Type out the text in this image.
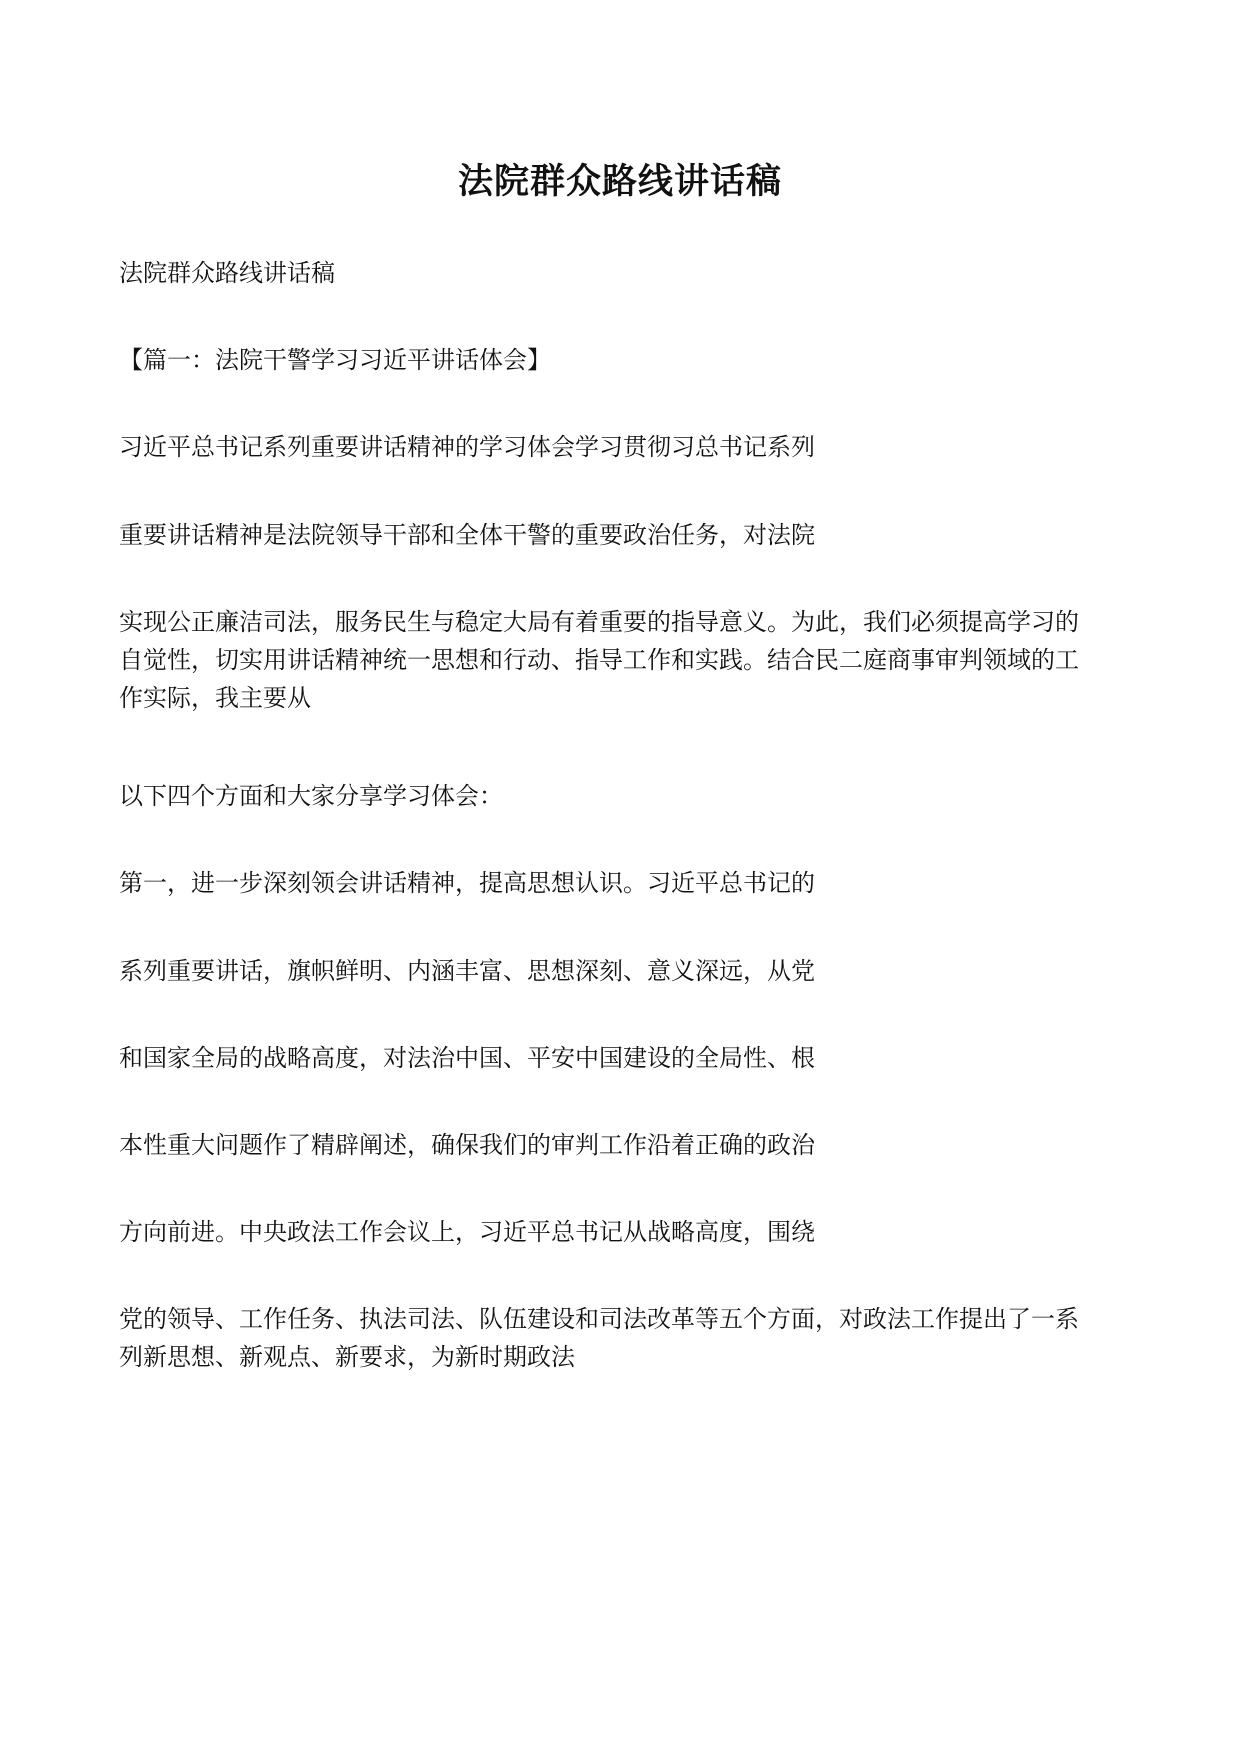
法院群众路线讲话稿
法院群众路线讲话稿
【篇一：法院干警学习习近平讲话体会】
习近平总书记系列重要讲话精神的学习体会学习贯彻习总书记系列
重要讲话精神是法院领导干部和全体干警的重要政治任务，对法院
实现公正廉洁司法，服务民生与稳定大局有着重要的指导意义。为此，我们必须提高学习的
自觉性，切实用讲话精神统一思想和行动、指导工作和实践。结合民二庭商事审判领域的工
作实际，我主要从
以下四个方面和大家分享学习体会：
第一，进一步深刻领会讲话精神，提高思想认识。习近平总书记的
系列重要讲话，旗帜鲜明、内涵丰富、思想深刻、意义深远，从党
和国家全局的战略高度，对法治中国、平安中国建设的全局性、根
本性重大问题作了精辟阐述，确保我们的审判工作沿着正确的政治
方向前进。中央政法工作会议上，习近平总书记从战略高度，围绕
党的领导、工作任务、执法司法、队伍建设和司法改革等五个方面，对政法工作提出了一系
列新思想、新观点、新要求，为新时期政法
